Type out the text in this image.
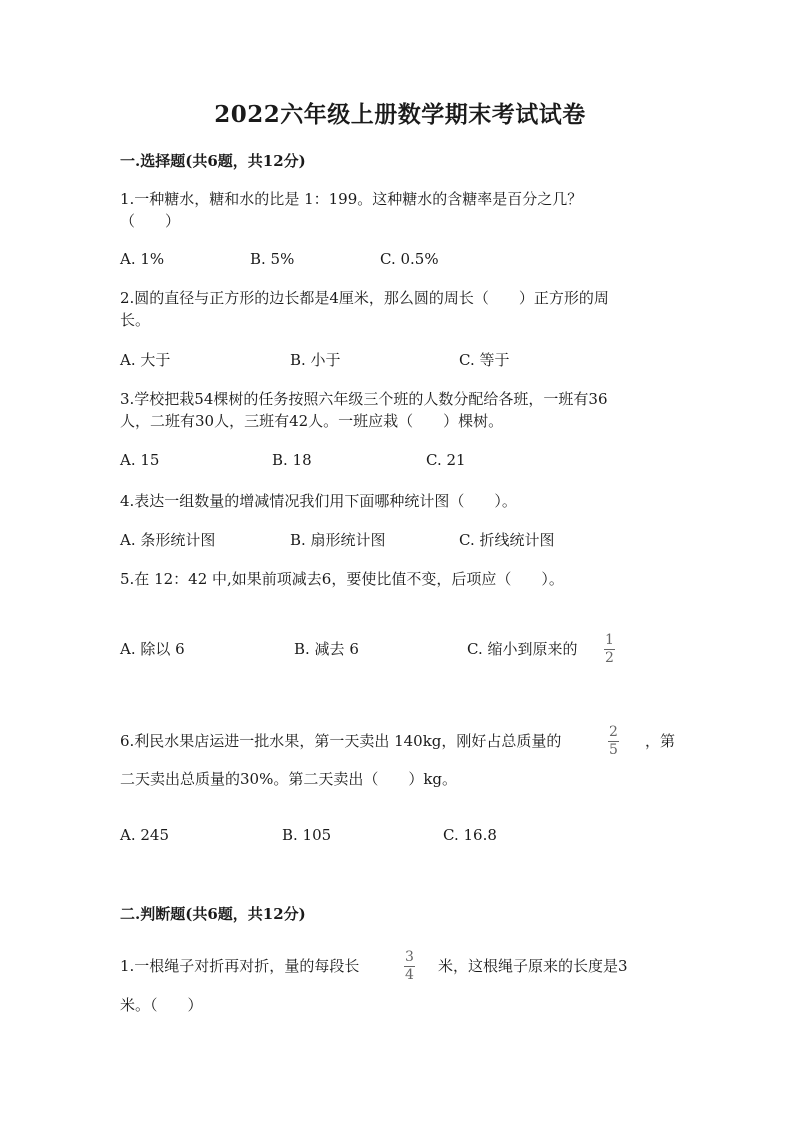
2022六年级上册数学期末考试试卷
一.选择题(共6题，共12分)
1.一种糖水，糖和水的比是 1：199。这种糖水的含糖率是百分之几？
（　　）
A. 1%	B. 5%	C. 0.5%
2.圆的直径与正方形的边长都是4厘米，那么圆的周长（　　）正方形的周
长。
A. 大于	B. 小于	C. 等于
3.学校把栽54棵树的任务按照六年级三个班的人数分配给各班，一班有36
人，二班有30人，三班有42人。一班应栽（　　）棵树。
A. 15	B. 18	C. 21
4.表达一组数量的增减情况我们用下面哪种统计图（　　）。
A. 条形统计图	B. 扇形统计图	C. 折线统计图
5.在 12：42 中,如果前项减去6，要使比值不变，后项应（　　）。
A. 除以 6	B. 减去 6	C. 缩小到原来的 1
2
6.利民水果店运进一批水果，第一天卖出 140kg，刚好占总质量的	2
5 ，第
二天卖出总质量的30%。第二天卖出（　　）kg。
A. 245	B. 105	C. 16.8
二.判断题(共6题，共12分)
1.一根绳子对折再对折，量的每段长	3
4 米，这根绳子原来的长度是3
米。（　　）
